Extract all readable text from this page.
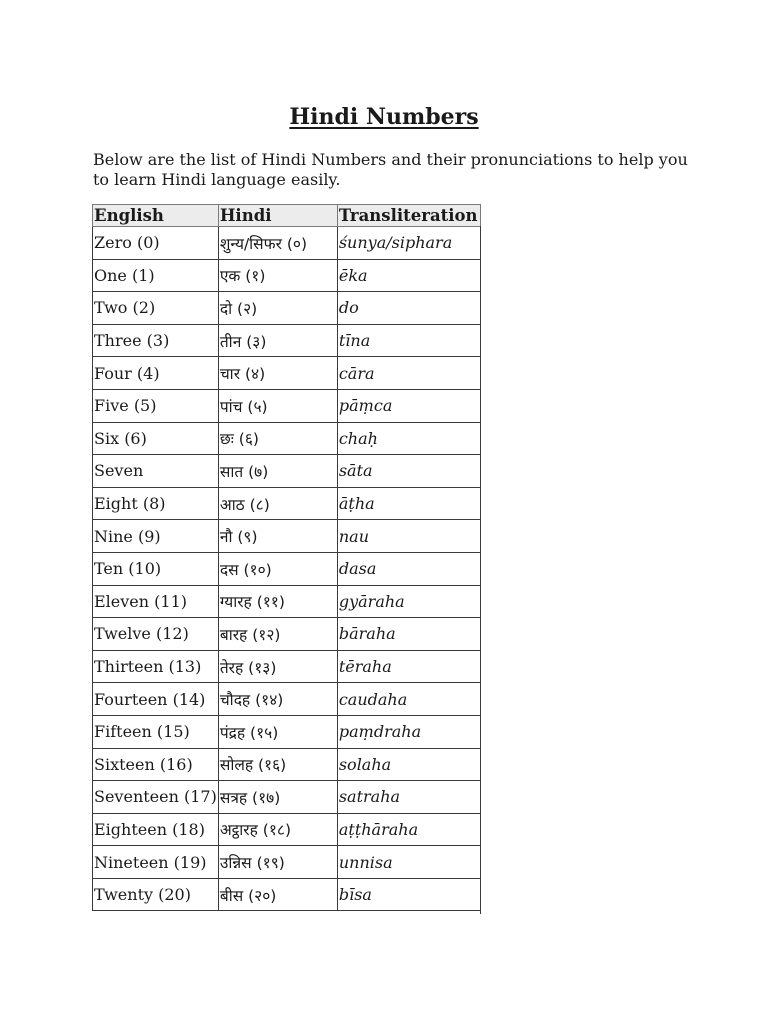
Hindi Numbers

Below are the list of Hindi Numbers and their pronunciations to help you to learn Hindi language easily.

English	Hindi	Transliteration
Zero (0)	शुन्य/सिफर (०)	śunya/siphara
One (1)	एक (१)	ēka
Two (2)	दो (२)	do
Three (3)	तीन (३)	tīna
Four (4)	चार (४)	cāra
Five (5)	पांच (५)	pāṃca
Six (6)	छः (६)	chaḥ
Seven	सात (७)	sāta
Eight (8)	आठ (८)	āṭha
Nine (9)	नौ (९)	nau
Ten (10)	दस (१०)	dasa
Eleven (11)	ग्यारह (११)	gyāraha
Twelve (12)	बारह (१२)	bāraha
Thirteen (13)	तेरह (१३)	tēraha
Fourteen (14)	चौदह (१४)	caudaha
Fifteen (15)	पंद्रह (१५)	paṃdraha
Sixteen (16)	सोलह (१६)	solaha
Seventeen (17)	सत्रह (१७)	satraha
Eighteen (18)	अट्ठारह (१८)	aṭṭhāraha
Nineteen (19)	उन्निस (१९)	unnisa
Twenty (20)	बीस (२०)	bīsa
